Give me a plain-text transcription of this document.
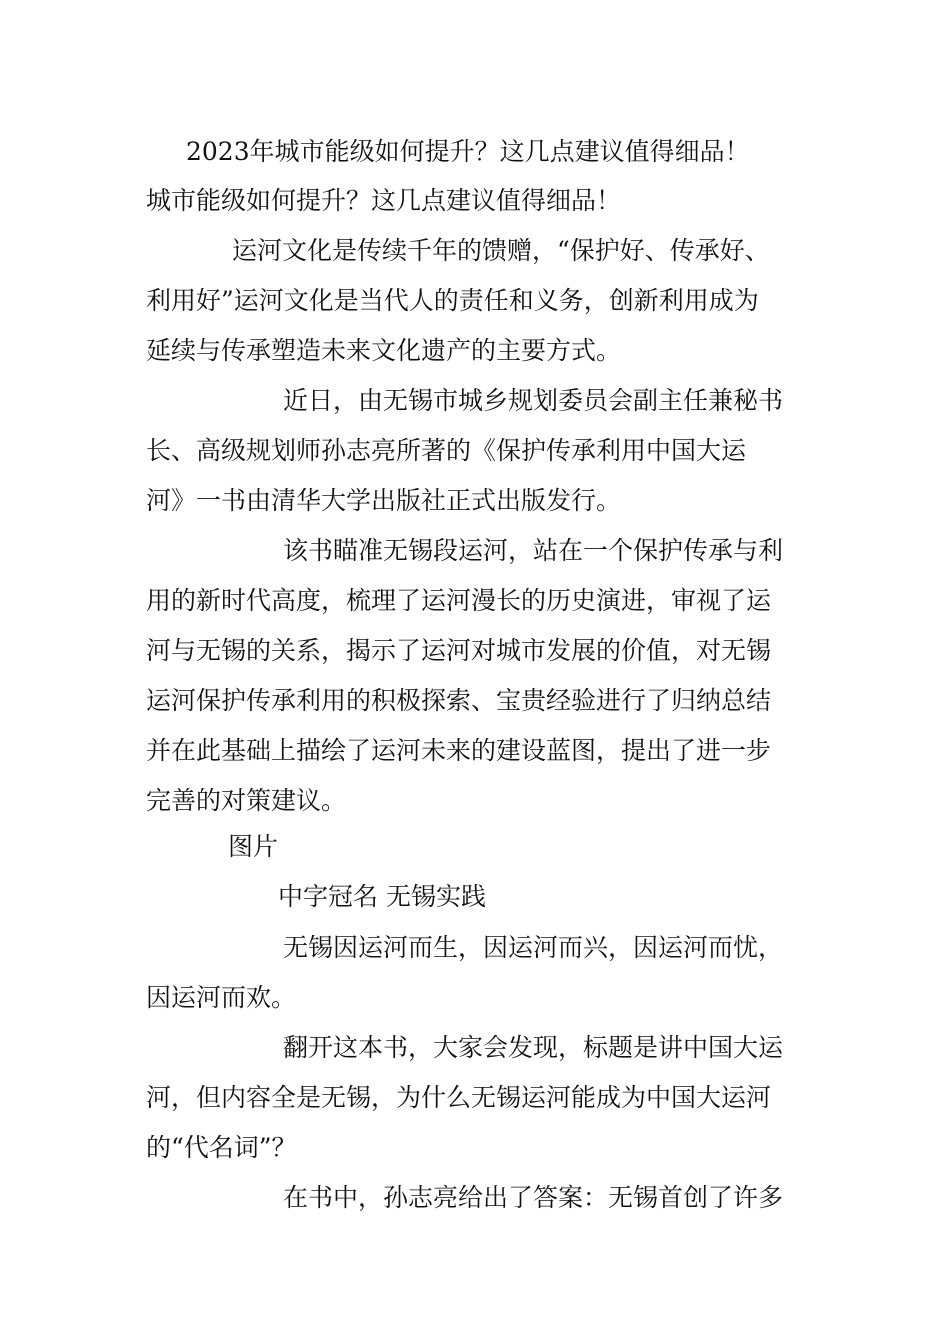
2023年城市能级如何提升？这几点建议值得细品！
城市能级如何提升？这几点建议值得细品！
运河文化是传续千年的馈赠，“保护好、传承好、
利用好”运河文化是当代人的责任和义务，创新利用成为
延续与传承塑造未来文化遗产的主要方式。
近日，由无锡市城乡规划委员会副主任兼秘书
长、高级规划师孙志亮所著的《保护传承利用中国大运
河》一书由清华大学出版社正式出版发行。
该书瞄准无锡段运河，站在一个保护传承与利
用的新时代高度，梳理了运河漫长的历史演进，审视了运
河与无锡的关系，揭示了运河对城市发展的价值，对无锡
运河保护传承利用的积极探索、宝贵经验进行了归纳总结
并在此基础上描绘了运河未来的建设蓝图，提出了进一步
完善的对策建议。
图片
中字冠名 无锡实践
无锡因运河而生，因运河而兴，因运河而忧，
因运河而欢。
翻开这本书，大家会发现，标题是讲中国大运
河，但内容全是无锡，为什么无锡运河能成为中国大运河
的“代名词”？
在书中，孙志亮给出了答案：无锡首创了许多
